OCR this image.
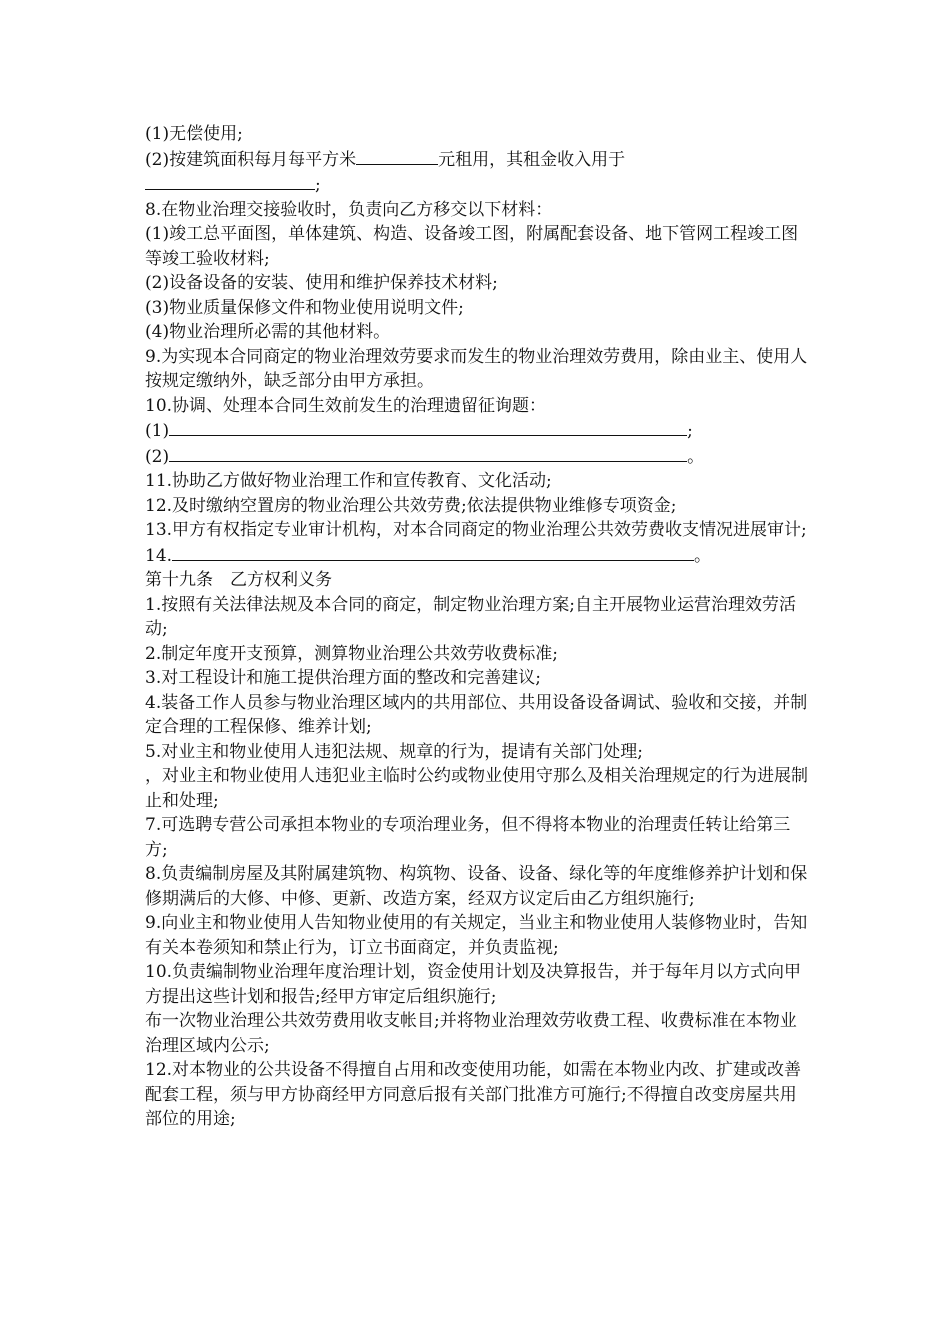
(1)无偿使用;

(2)按建筑面积每月每平方米	元租用，其租金收入用于

;

8.在物业治理交接验收时，负责向乙方移交以下材料：

(1)竣工总平面图，单体建筑、构造、设备竣工图，附属配套设备、地下管网工程竣工图等竣工验收材料;

(2)设备设备的安装、使用和维护保养技术材料;

(3)物业质量保修文件和物业使用说明文件;

(4)物业治理所必需的其他材料。

9.为实现本合同商定的物业治理效劳要求而发生的物业治理效劳费用，除由业主、使用人按规定缴纳外，缺乏部分由甲方承担。

10.协调、处理本合同生效前发生的治理遗留征询题：

(1)	;

(2)	。

11.协助乙方做好物业治理工作和宣传教育、文化活动;

12.及时缴纳空置房的物业治理公共效劳费;依法提供物业维修专项资金;

13.甲方有权指定专业审计机构，对本合同商定的物业治理公共效劳费收支情况进展审计;

14.	。

第十九条　乙方权利义务

1.按照有关法律法规及本合同的商定，制定物业治理方案;自主开展物业运营治理效劳活动;

2.制定年度开支预算，测算物业治理公共效劳收费标准;

3.对工程设计和施工提供治理方面的整改和完善建议;

4.装备工作人员参与物业治理区域内的共用部位、共用设备设备调试、验收和交接，并制定合理的工程保修、维养计划;

5.对业主和物业使用人违犯法规、规章的行为，提请有关部门处理;

，对业主和物业使用人违犯业主临时公约或物业使用守那么及相关治理规定的行为进展制止和处理;

7.可选聘专营公司承担本物业的专项治理业务，但不得将本物业的治理责任转让给第三方;

8.负责编制房屋及其附属建筑物、构筑物、设备、设备、绿化等的年度维修养护计划和保修期满后的大修、中修、更新、改造方案，经双方议定后由乙方组织施行;

9.向业主和物业使用人告知物业使用的有关规定，当业主和物业使用人装修物业时，告知有关本卷须知和禁止行为，订立书面商定，并负责监视;

10.负责编制物业治理年度治理计划，资金使用计划及决算报告，并于每年月以方式向甲方提出这些计划和报告;经甲方审定后组织施行;

布一次物业治理公共效劳费用收支帐目;并将物业治理效劳收费工程、收费标准在本物业治理区域内公示;

12.对本物业的公共设备不得擅自占用和改变使用功能，如需在本物业内改、扩建或改善配套工程，须与甲方协商经甲方同意后报有关部门批准方可施行;不得擅自改变房屋共用部位的用途;
